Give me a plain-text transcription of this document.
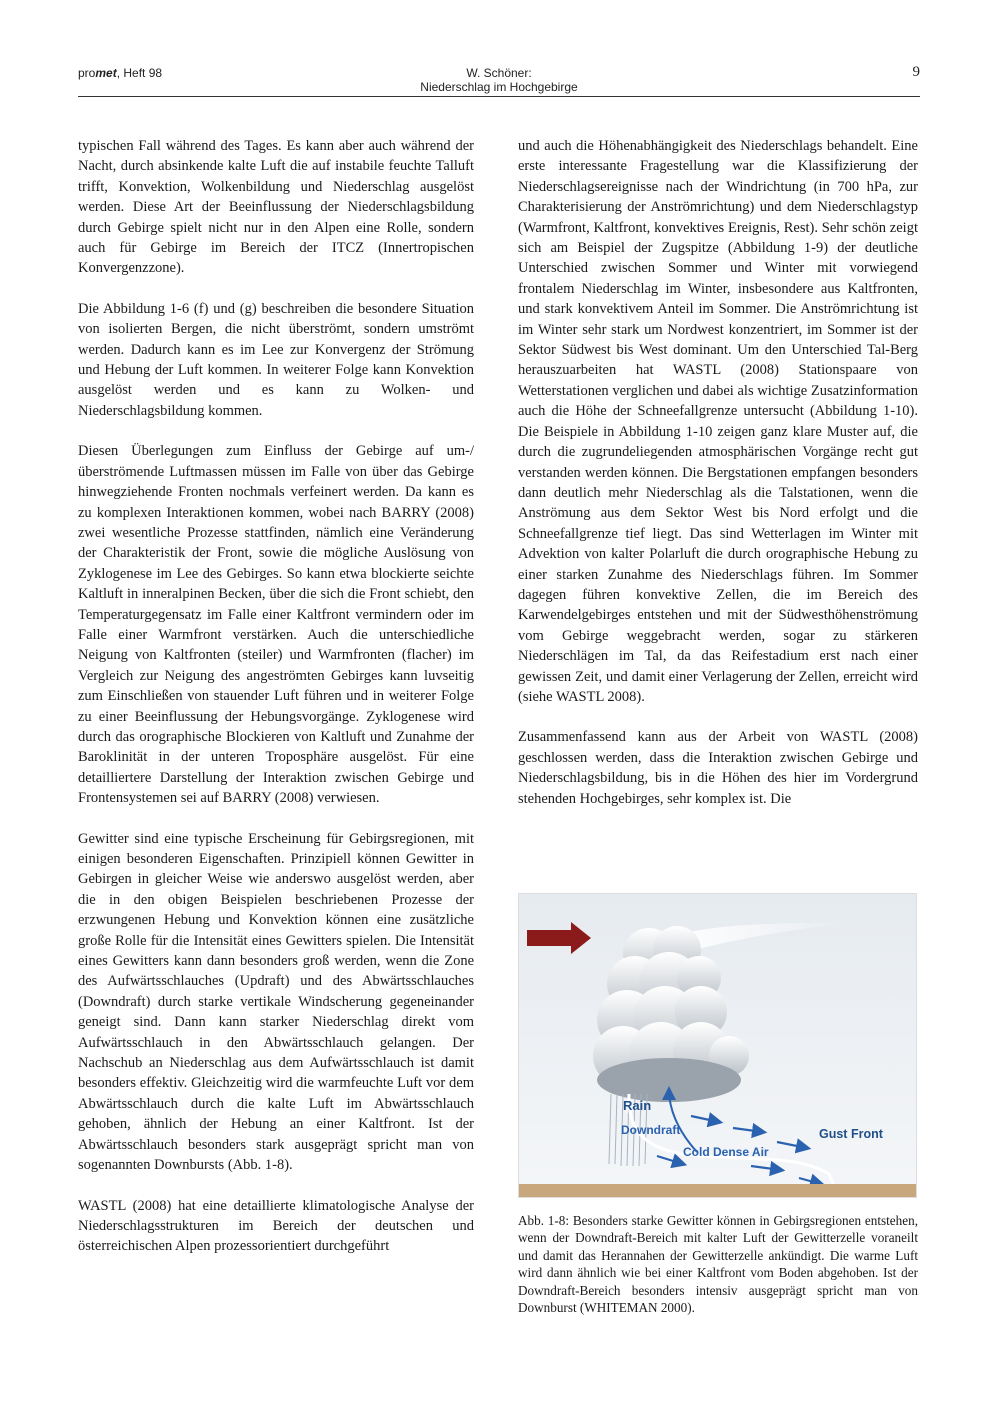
promet, Heft 98	W. Schöner:
Niederschlag im Hochgebirge
9

typischen Fall während des Tages. Es kann aber auch während der Nacht, durch absinkende kalte Luft die auf instabile feuchte Talluft trifft, Konvektion, Wolkenbildung und Niederschlag ausgelöst werden. Diese Art der Beeinflussung der Niederschlagsbildung durch Gebirge spielt nicht nur in den Alpen eine Rolle, sondern auch für Gebirge im Bereich der ITCZ (Innertropischen Konvergenzzone).

Die Abbildung 1-6 (f) und (g) beschreiben die besondere Situation von isolierten Bergen, die nicht überströmt, sondern umströmt werden. Dadurch kann es im Lee zur Konvergenz der Strömung und Hebung der Luft kommen. In weiterer Folge kann Konvektion ausgelöst werden und es kann zu Wolken- und Niederschlagsbildung kommen.

Diesen Überlegungen zum Einfluss der Gebirge auf um-/überströmende Luftmassen müssen im Falle von über das Gebirge hinwegziehende Fronten nochmals verfeinert werden. Da kann es zu komplexen Interaktionen kommen, wobei nach BARRY (2008) zwei wesentliche Prozesse stattfinden, nämlich eine Veränderung der Charakteristik der Front, sowie die mögliche Auslösung von Zyklogenese im Lee des Gebirges. So kann etwa blockierte seichte Kaltluft in inneralpinen Becken, über die sich die Front schiebt, den Temperaturgegensatz im Falle einer Kaltfront vermindern oder im Falle einer Warmfront verstärken. Auch die unterschiedliche Neigung von Kaltfronten (steiler) und Warmfronten (flacher) im Vergleich zur Neigung des angeströmten Gebirges kann luvseitig zum Einschließen von stauender Luft führen und in weiterer Folge zu einer Beeinflussung der Hebungsvorgänge. Zyklogenese wird durch das orographische Blockieren von Kaltluft und Zunahme der Baroklinität in der unteren Troposphäre ausgelöst. Für eine detailliertere Darstellung der Interaktion zwischen Gebirge und Frontensystemen sei auf BARRY (2008) verwiesen.

Gewitter sind eine typische Erscheinung für Gebirgsregionen, mit einigen besonderen Eigenschaften. Prinzipiell können Gewitter in Gebirgen in gleicher Weise wie anderswo ausgelöst werden, aber die in den obigen Beispielen beschriebenen Prozesse der erzwungenen Hebung und Konvektion können eine zusätzliche große Rolle für die Intensität eines Gewitters spielen. Die Intensität eines Gewitters kann dann besonders groß werden, wenn die Zone des Aufwärtsschlauches (Updraft) und des Abwärtsschlauches (Downdraft) durch starke vertikale Windscherung gegeneinander geneigt sind. Dann kann starker Niederschlag direkt vom Aufwärtsschlauch in den Abwärtsschlauch gelangen. Der Nachschub an Niederschlag aus dem Aufwärtsschlauch ist damit besonders effektiv. Gleichzeitig wird die warmfeuchte Luft vor dem Abwärtsschlauch durch die kalte Luft im Abwärtsschlauch gehoben, ähnlich der Hebung an einer Kaltfront. Ist der Abwärtsschlauch besonders stark ausgeprägt spricht man von sogenannten Downbursts (Abb. 1-8).

WASTL (2008) hat eine detaillierte klimatologische Analyse der Niederschlagsstrukturen im Bereich der deutschen und österreichischen Alpen prozessorientiert durchgeführt

und auch die Höhenabhängigkeit des Niederschlags behandelt. Eine erste interessante Fragestellung war die Klassifizierung der Niederschlagsereignisse nach der Windrichtung (in 700 hPa, zur Charakterisierung der Anströmrichtung) und dem Niederschlagstyp (Warmfront, Kaltfront, konvektives Ereignis, Rest). Sehr schön zeigt sich am Beispiel der Zugspitze (Abbildung 1-9) der deutliche Unterschied zwischen Sommer und Winter mit vorwiegend frontalem Niederschlag im Winter, insbesondere aus Kaltfronten, und stark konvektivem Anteil im Sommer. Die Anströmrichtung ist im Winter sehr stark um Nordwest konzentriert, im Sommer ist der Sektor Südwest bis West dominant. Um den Unterschied Tal-Berg herauszuarbeiten hat WASTL (2008) Stationspaare von Wetterstationen verglichen und dabei als wichtige Zusatzinformation auch die Höhe der Schneefallgrenze untersucht (Abbildung 1-10). Die Beispiele in Abbildung 1-10 zeigen ganz klare Muster auf, die durch die zugrundeliegenden atmosphärischen Vorgänge recht gut verstanden werden können. Die Bergstationen empfangen besonders dann deutlich mehr Niederschlag als die Talstationen, wenn die Anströmung aus dem Sektor West bis Nord erfolgt und die Schneefallgrenze tief liegt. Das sind Wetterlagen im Winter mit Advektion von kalter Polarluft die durch orographische Hebung zu einer starken Zunahme des Niederschlags führen. Im Sommer dagegen führen konvektive Zellen, die im Bereich des Karwendelgebirges entstehen und mit der Südwesthöhenströmung vom Gebirge weggebracht werden, sogar zu stärkeren Niederschlägen im Tal, da das Reifestadium erst nach einer gewissen Zeit, und damit einer Verlagerung der Zellen, erreicht wird (siehe WASTL 2008).

Zusammenfassend kann aus der Arbeit von WASTL (2008) geschlossen werden, dass die Interaktion zwischen Gebirge und Niederschlagsbildung, bis in die Höhen des hier im Vordergrund stehenden Hochgebirges, sehr komplex ist. Die

Rain
Downdraft	Gust Front
Cold Dense Air
Abb. 1-8: Besonders starke Gewitter können in Gebirgsregionen entstehen, wenn der Downdraft-Bereich mit kalter Luft der Gewitterzelle voraneilt und damit das Herannahen der Gewitterzelle ankündigt. Die warme Luft wird dann ähnlich wie bei einer Kaltfront vom Boden abgehoben. Ist der Downdraft-Bereich besonders intensiv ausgeprägt spricht man von Downburst (WHITEMAN 2000).
